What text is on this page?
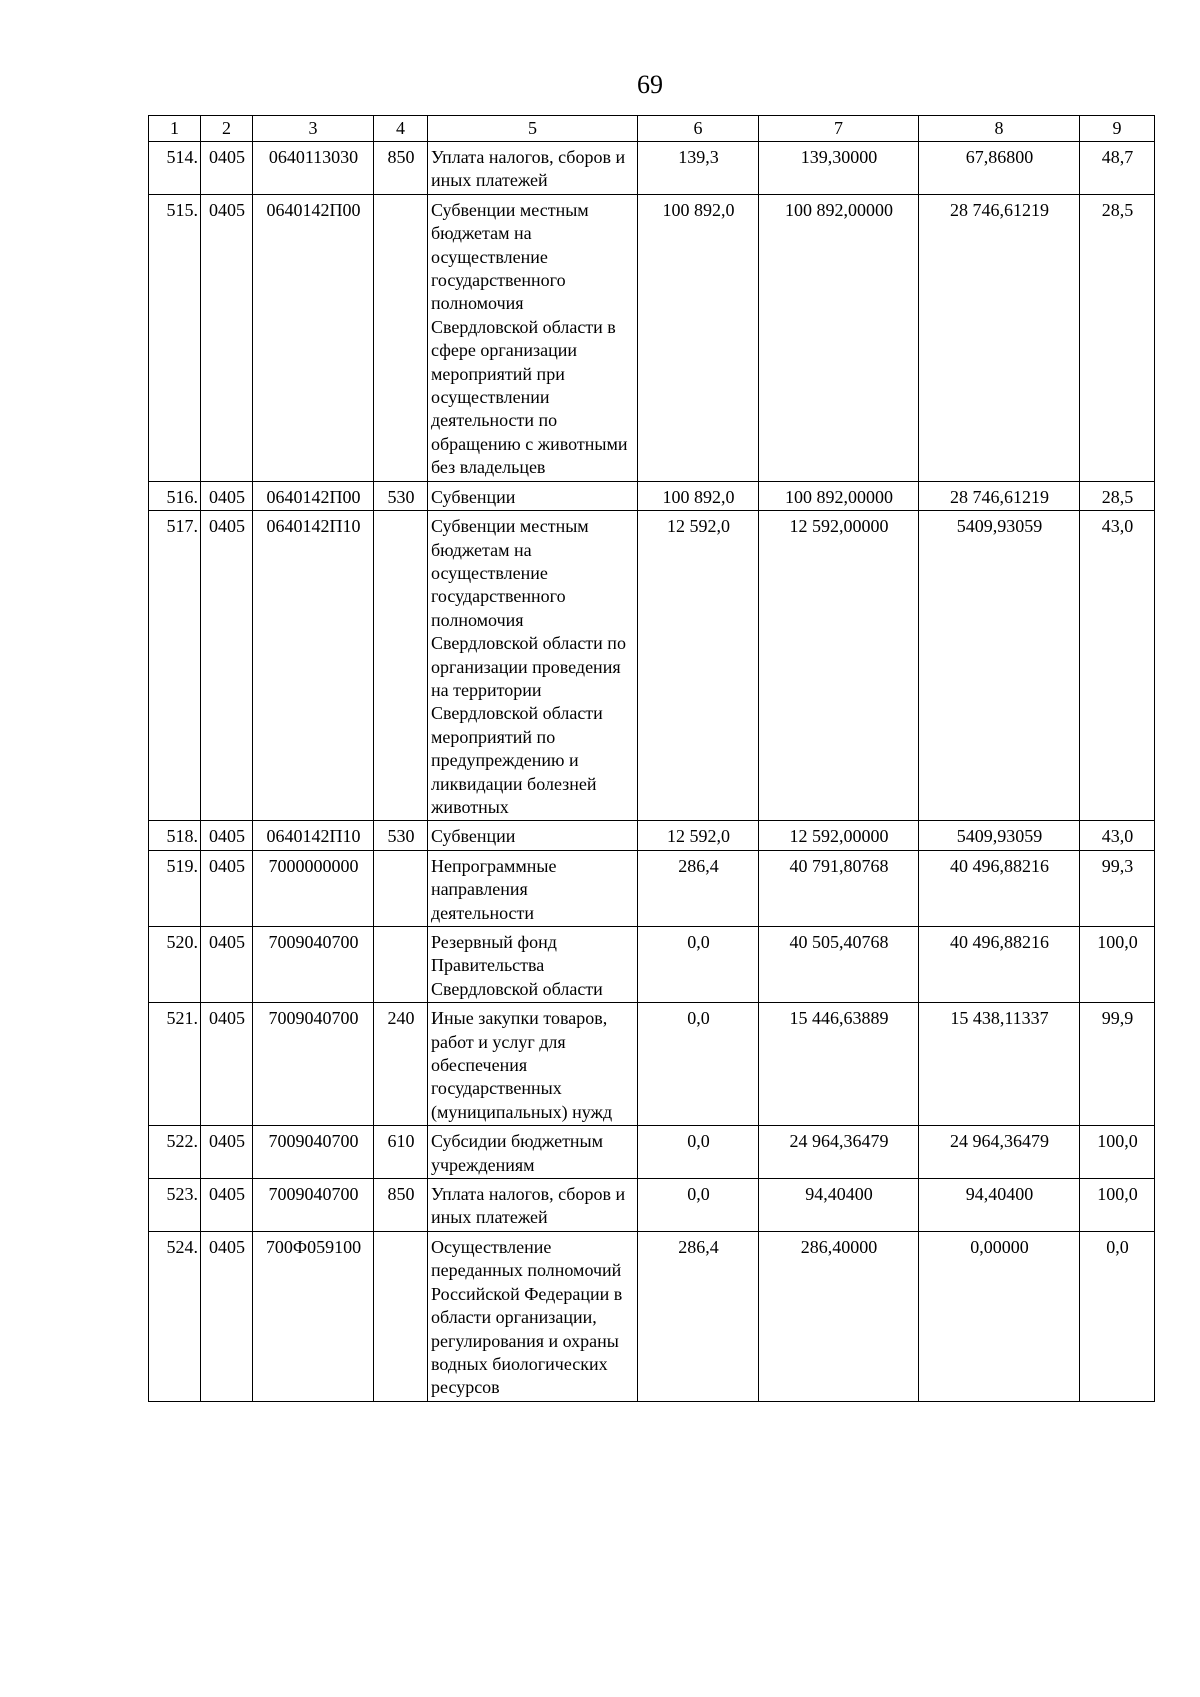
69
1	2	3	4	5	6	7	8	9
514.	0405	0640113030	850	Уплата налогов, сборов и иных платежей	139,3	139,30000	67,86800	48,7
515.	0405	0640142П00		Субвенции местным бюджетам на осуществление государственного полномочия Свердловской области в сфере организации мероприятий при осуществлении деятельности по обращению с животными без владельцев	100 892,0	100 892,00000	28 746,61219	28,5
516.	0405	0640142П00	530	Субвенции	100 892,0	100 892,00000	28 746,61219	28,5
517.	0405	0640142П10		Субвенции местным бюджетам на осуществление государственного полномочия Свердловской области по организации проведения на территории Свердловской области мероприятий по предупреждению и ликвидации болезней животных	12 592,0	12 592,00000	5409,93059	43,0
518.	0405	0640142П10	530	Субвенции	12 592,0	12 592,00000	5409,93059	43,0
519.	0405	7000000000		Непрограммные направления деятельности	286,4	40 791,80768	40 496,88216	99,3
520.	0405	7009040700		Резервный фонд Правительства Свердловской области	0,0	40 505,40768	40 496,88216	100,0
521.	0405	7009040700	240	Иные закупки товаров, работ и услуг для обеспечения государственных (муниципальных) нужд	0,0	15 446,63889	15 438,11337	99,9
522.	0405	7009040700	610	Субсидии бюджетным учреждениям	0,0	24 964,36479	24 964,36479	100,0
523.	0405	7009040700	850	Уплата налогов, сборов и иных платежей	0,0	94,40400	94,40400	100,0
524.	0405	700Ф059100		Осуществление переданных полномочий Российской Федерации в области организации, регулирования и охраны водных биологических ресурсов	286,4	286,40000	0,00000	0,0
